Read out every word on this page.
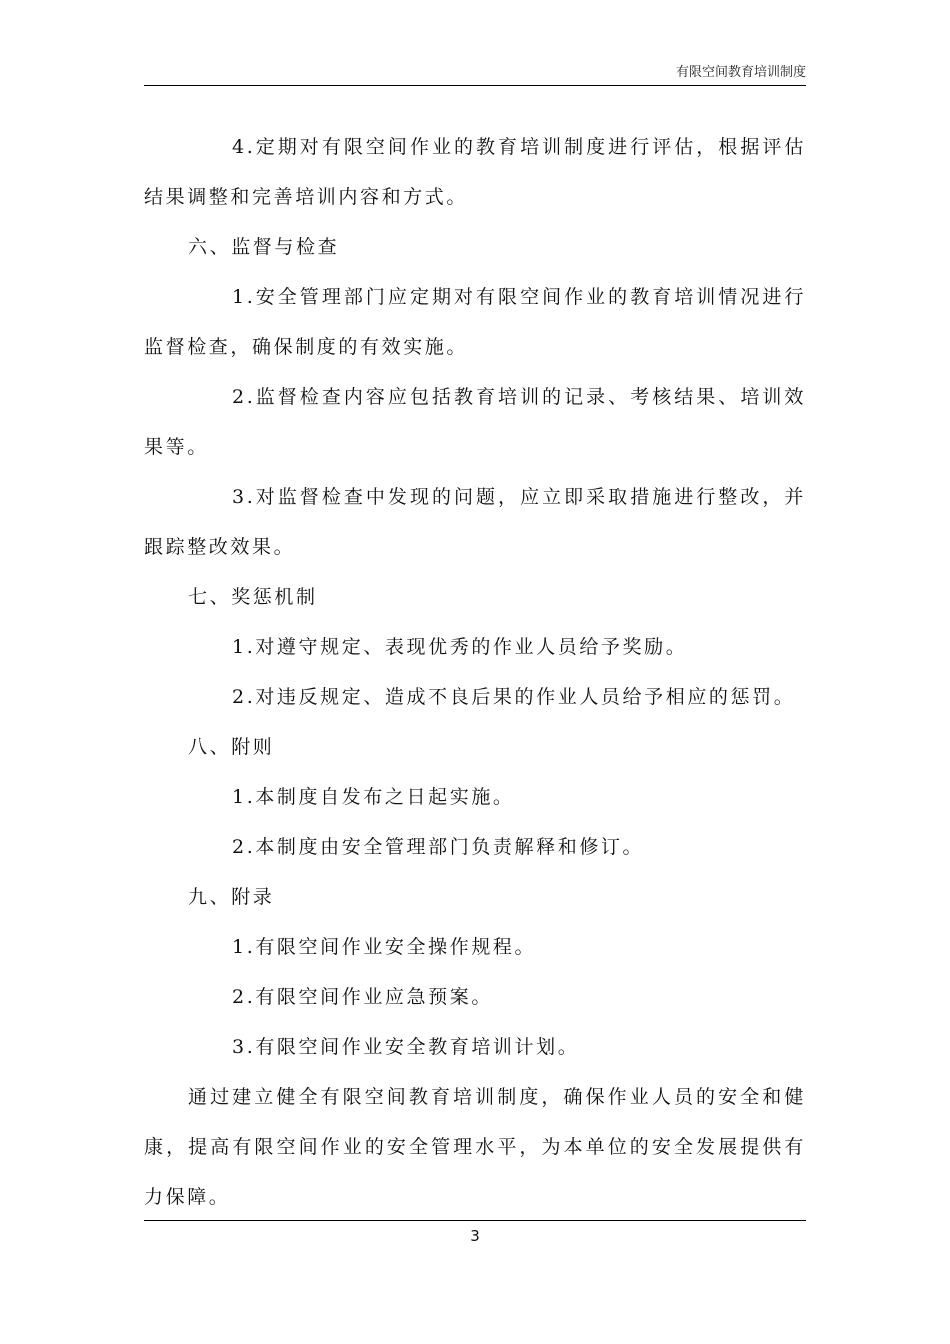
有限空间教育培训制度

4.定期对有限空间作业的教育培训制度进行评估，根据评估结果调整和完善培训内容和方式。

六、监督与检查

1.安全管理部门应定期对有限空间作业的教育培训情况进行监督检查，确保制度的有效实施。

2.监督检查内容应包括教育培训的记录、考核结果、培训效果等。

3.对监督检查中发现的问题，应立即采取措施进行整改，并跟踪整改效果。

七、奖惩机制

1.对遵守规定、表现优秀的作业人员给予奖励。

2.对违反规定、造成不良后果的作业人员给予相应的惩罚。

八、附则

1.本制度自发布之日起实施。

2.本制度由安全管理部门负责解释和修订。

九、附录

1.有限空间作业安全操作规程。

2.有限空间作业应急预案。

3.有限空间作业安全教育培训计划。

通过建立健全有限空间教育培训制度，确保作业人员的安全和健康，提高有限空间作业的安全管理水平，为本单位的安全发展提供有力保障。

3
